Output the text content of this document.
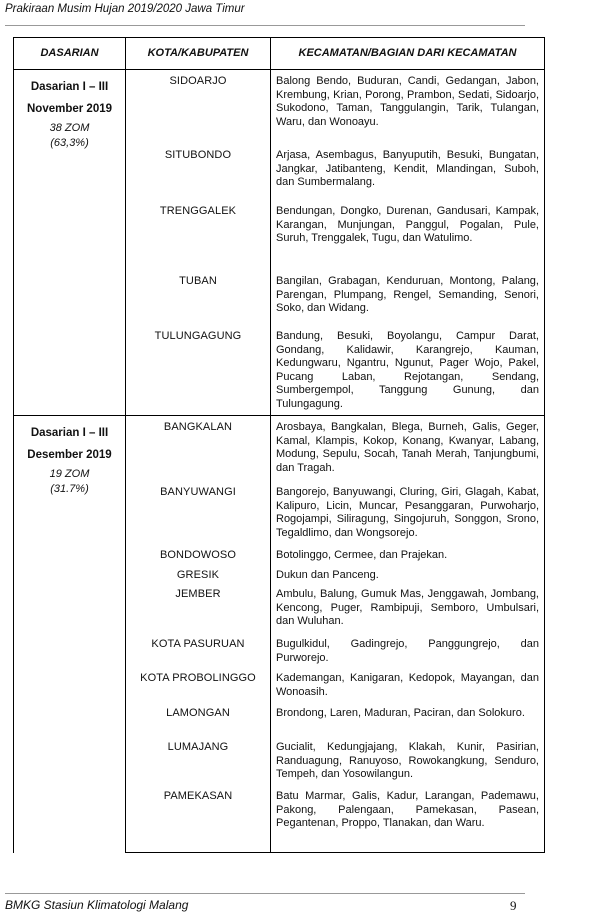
Prakiraan Musim Hujan 2019/2020 Jawa Timur
DASARIAN	KOTA/KABUPATEN	KECAMATAN/BAGIAN DARI KECAMATAN

Dasarian I – III
November 2019
38 ZOM
(63,3%)	SIDOARJO	Balong Bendo, Buduran, Candi, Gedangan, Jabon, Krembung, Krian, Porong, Prambon, Sedati, Sidoarjo, Sukodono, Taman, Tanggulangin, Tarik, Tulangan, Waru, dan Wonoayu.
	SITUBONDO	Arjasa, Asembagus, Banyuputih, Besuki, Bungatan, Jangkar, Jatibanteng, Kendit, Mlandingan, Suboh, dan Sumbermalang.
	TRENGGALEK	Bendungan, Dongko, Durenan, Gandusari, Kampak, Karangan, Munjungan, Panggul, Pogalan, Pule, Suruh, Trenggalek, Tugu, dan Watulimo.
	TUBAN	Bangilan, Grabagan, Kenduruan, Montong, Palang, Parengan, Plumpang, Rengel, Semanding, Senori, Soko, dan Widang.
	TULUNGAGUNG	Bandung, Besuki, Boyolangu, Campur Darat, Gondang, Kalidawir, Karangrejo, Kauman, Kedungwaru, Ngantru, Ngunut, Pager Wojo, Pakel, Pucang Laban, Rejotangan, Sendang, Sumbergempol, Tanggung Gunung, dan Tulungagung.

Dasarian I – III
Desember 2019
19 ZOM
(31.7%)	BANGKALAN	Arosbaya, Bangkalan, Blega, Burneh, Galis, Geger, Kamal, Klampis, Kokop, Konang, Kwanyar, Labang, Modung, Sepulu, Socah, Tanah Merah, Tanjungbumi, dan Tragah.
	BANYUWANGI	Bangorejo, Banyuwangi, Cluring, Giri, Glagah, Kabat, Kalipuro, Licin, Muncar, Pesanggaran, Purwoharjo, Rogojampi, Siliragung, Singojuruh, Songgon, Srono, Tegaldlimo, dan Wongsorejo.
	BONDOWOSO	Botolinggo, Cermee, dan Prajekan.
	GRESIK	Dukun dan Panceng.
	JEMBER	Ambulu, Balung, Gumuk Mas, Jenggawah, Jombang, Kencong, Puger, Rambipuji, Semboro, Umbulsari, dan Wuluhan.
	KOTA PASURUAN	Bugulkidul, Gadingrejo, Panggungrejo, dan Purworejo.
	KOTA PROBOLINGGO	Kademangan, Kanigaran, Kedopok, Mayangan, dan Wonoasih.
	LAMONGAN	Brondong, Laren, Maduran, Paciran, dan Solokuro.
	LUMAJANG	Gucialit, Kedungjajang, Klakah, Kunir, Pasirian, Randuagung, Ranuyoso, Rowokangkung, Senduro, Tempeh, dan Yosowilangun.
	PAMEKASAN	Batu Marmar, Galis, Kadur, Larangan, Pademawu, Pakong, Palengaan, Pamekasan, Pasean, Pegantenan, Proppo, Tlanakan, dan Waru.
BMKG Stasiun Klimatologi Malang	9
